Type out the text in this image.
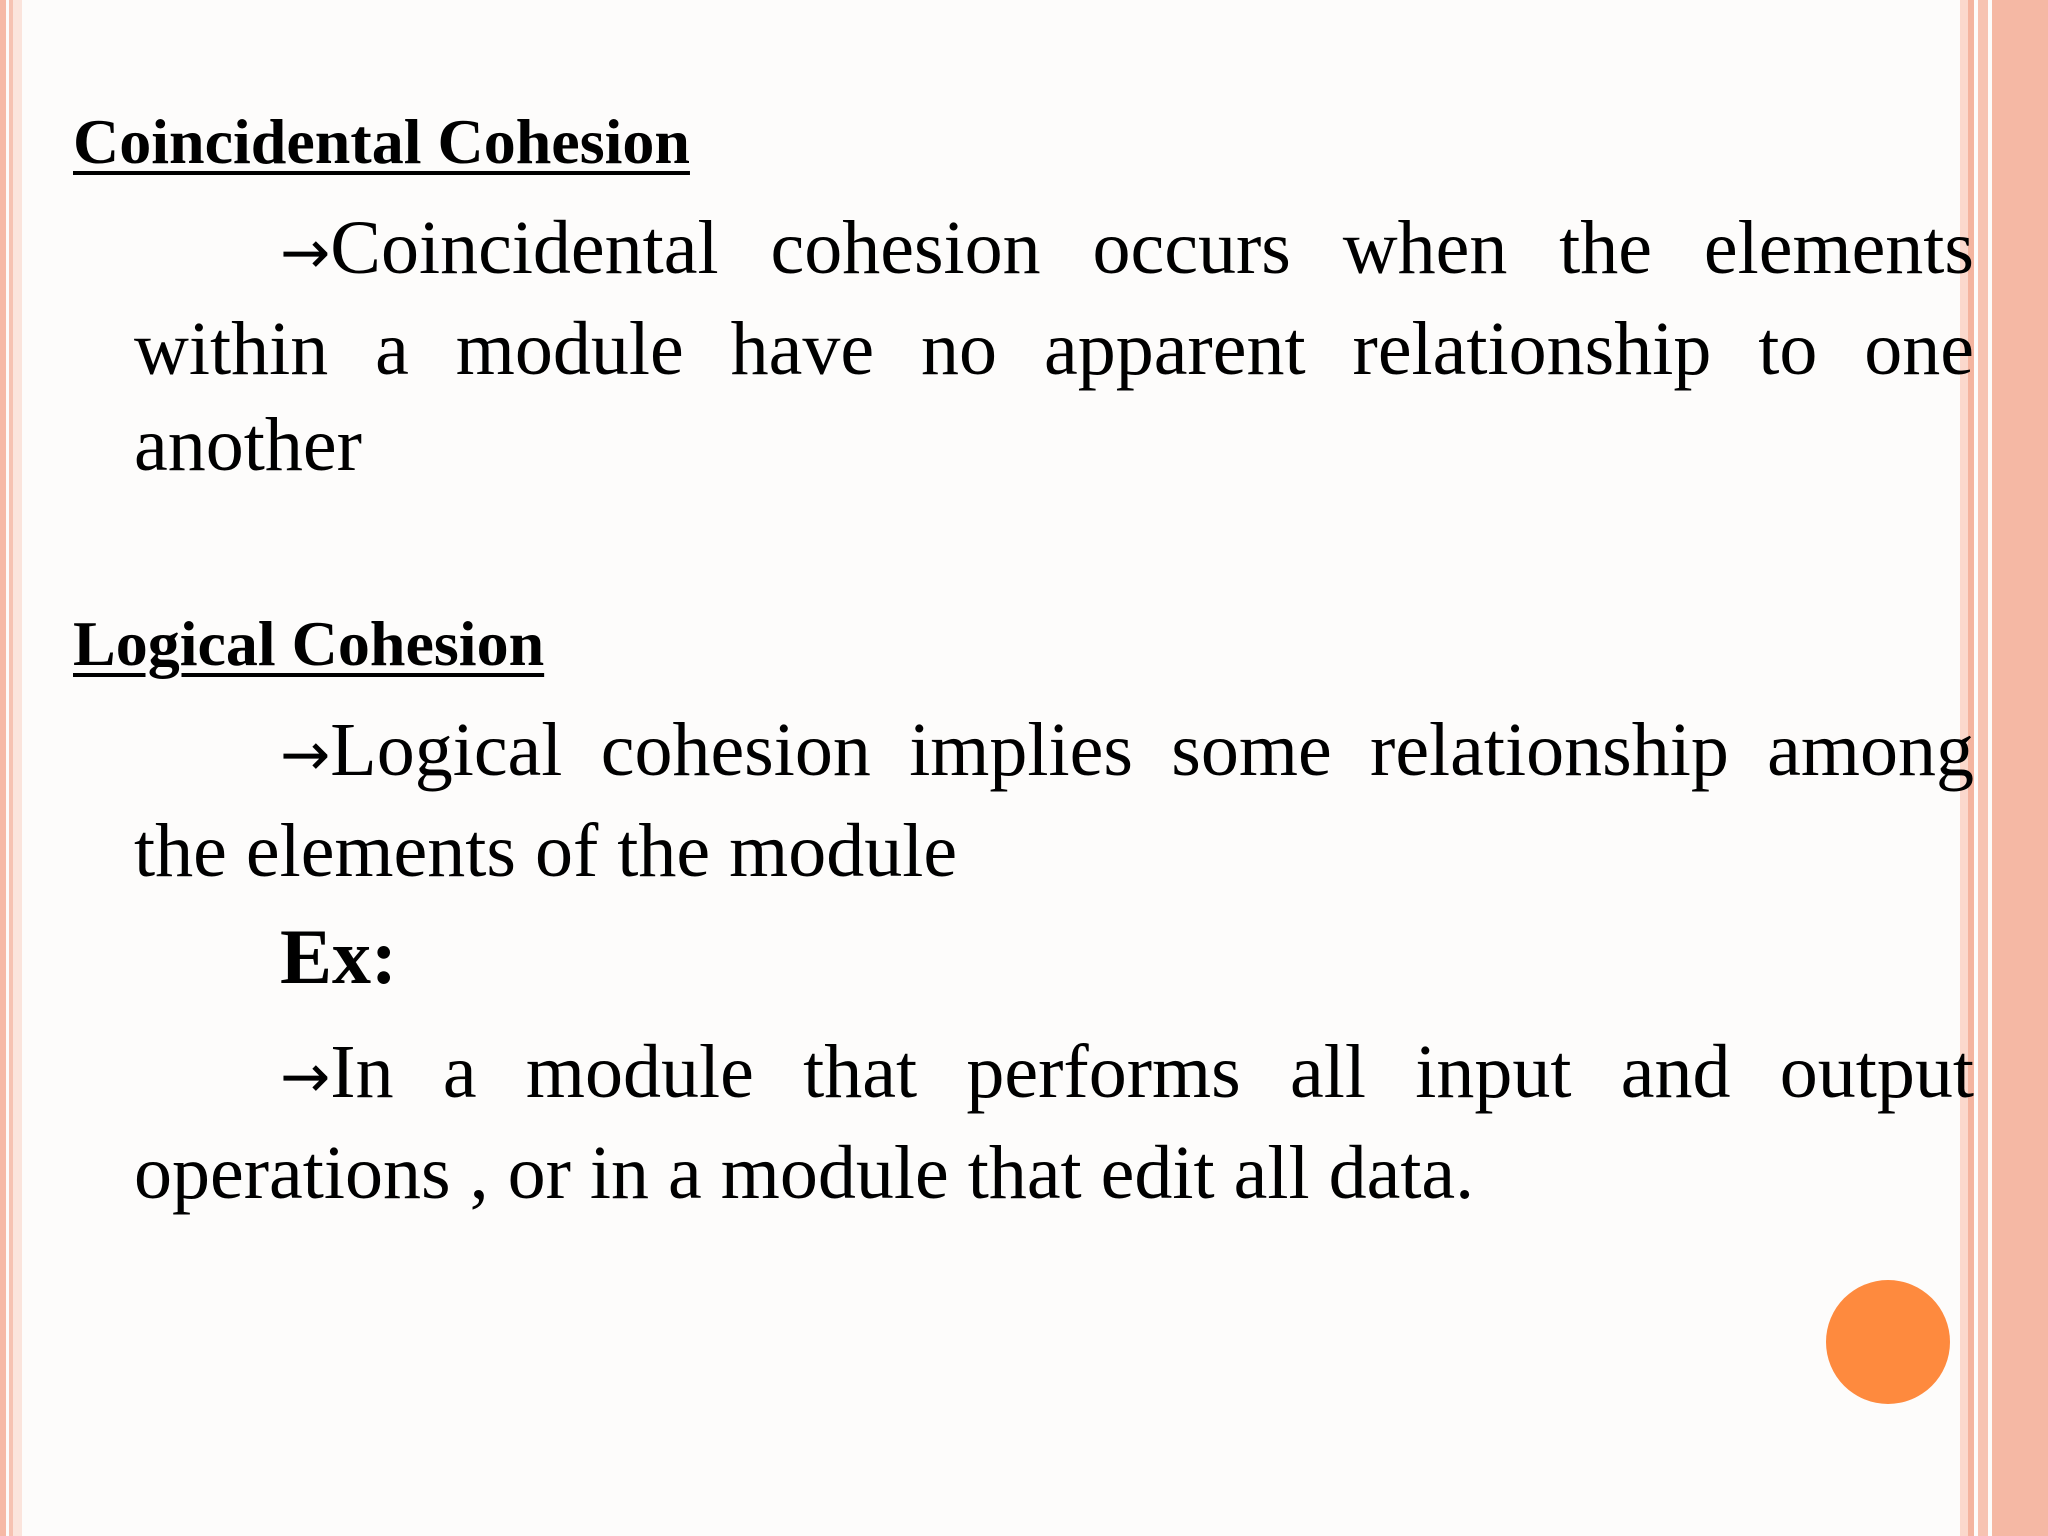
Coincidental Cohesion

→Coincidental cohesion occurs when the elements within a module have no apparent relationship to one another

Logical Cohesion

→Logical cohesion implies some relationship among the elements of the module

Ex:

→In a module that performs all input and output operations , or in a module that edit all data.
